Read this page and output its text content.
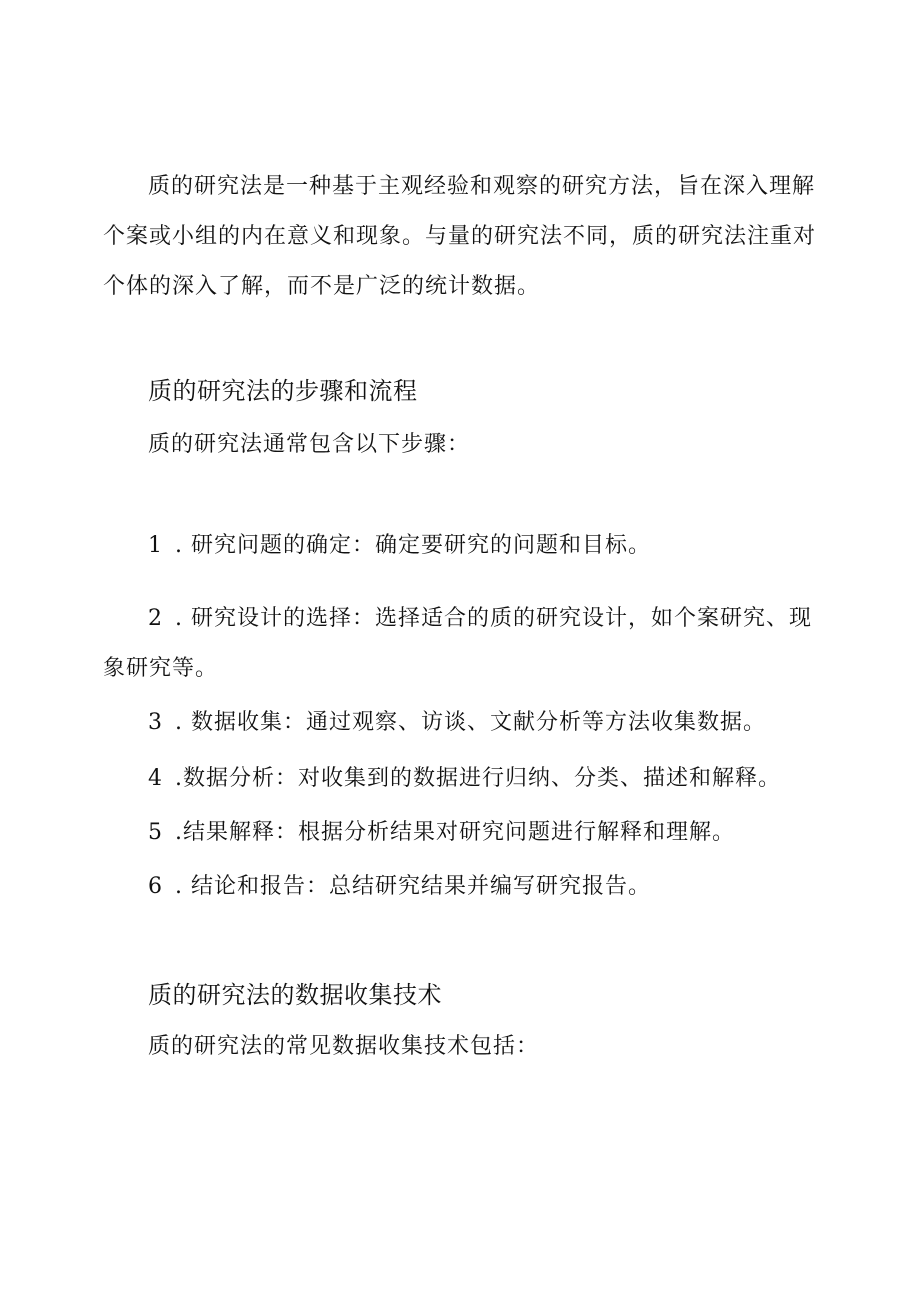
质的研究法是一种基于主观经验和观察的研究方法，旨在深入理解个案或小组的内在意义和现象。与量的研究法不同，质的研究法注重对个体的深入了解，而不是广泛的统计数据。

质的研究法的步骤和流程

质的研究法通常包含以下步骤：

1 . 研究问题的确定：确定要研究的问题和目标。

2 . 研究设计的选择：选择适合的质的研究设计，如个案研究、现象研究等。

3 . 数据收集：通过观察、访谈、文献分析等方法收集数据。

4 .数据分析：对收集到的数据进行归纳、分类、描述和解释。

5 .结果解释：根据分析结果对研究问题进行解释和理解。

6 . 结论和报告：总结研究结果并编写研究报告。

质的研究法的数据收集技术

质的研究法的常见数据收集技术包括：
